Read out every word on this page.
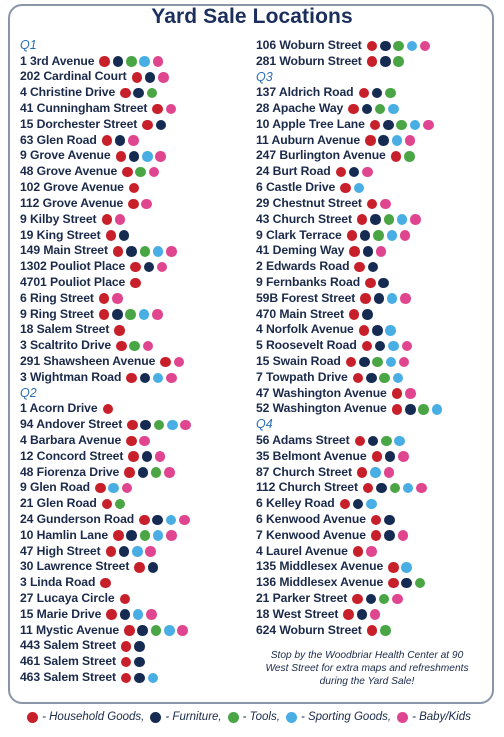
Yard Sale Locations
Q1
1 3rd Avenue
202 Cardinal Court
4 Christine Drive
41 Cunningham Street
15 Dorchester Street
63 Glen Road
9 Grove Avenue
48 Grove Avenue
102 Grove Avenue
112 Grove Avenue
9 Kilby Street
19 King Street
149 Main Street
1302 Pouliot Place
4701 Pouliot Place
6 Ring Street
9 Ring Street
18 Salem Street
3 Scaltrito Drive
291 Shawsheen Avenue
3 Wightman Road
Q2
1 Acorn Drive
94 Andover Street
4 Barbara Avenue
12 Concord Street
48 Fiorenza Drive
9 Glen Road
21 Glen Road
24 Gunderson Road
10 Hamlin Lane
47 High Street
30 Lawrence Street
3 Linda Road
27 Lucaya Circle
15 Marie Drive
11 Mystic Avenue
443 Salem Street
461 Salem Street
463 Salem Street
106 Woburn Street
281 Woburn Street
Q3
137 Aldrich Road
28 Apache Way
10 Apple Tree Lane
11 Auburn Avenue
247 Burlington Avenue
24 Burt Road
6 Castle Drive
29 Chestnut Street
43 Church Street
9 Clark Terrace
41 Deming Way
2 Edwards Road
9 Fernbanks Road
59B Forest Street
470 Main Street
4 Norfolk Avenue
5 Roosevelt Road
15 Swain Road
7 Towpath Drive
47 Washington Avenue
52 Washington Avenue
Q4
56 Adams Street
35 Belmont Avenue
87 Church Street
112 Church Street
6 Kelley Road
6 Kenwood Avenue
7 Kenwood Avenue
4 Laurel Avenue
135 Middlesex Avenue
136 Middlesex Avenue
21 Parker Street
18 West Street
624 Woburn Street
Stop by the Woodbriar Health Center at 90 West Street for extra maps and refreshments during the Yard Sale!
- Household Goods, - Furniture, - Tools, - Sporting Goods, - Baby/Kids
